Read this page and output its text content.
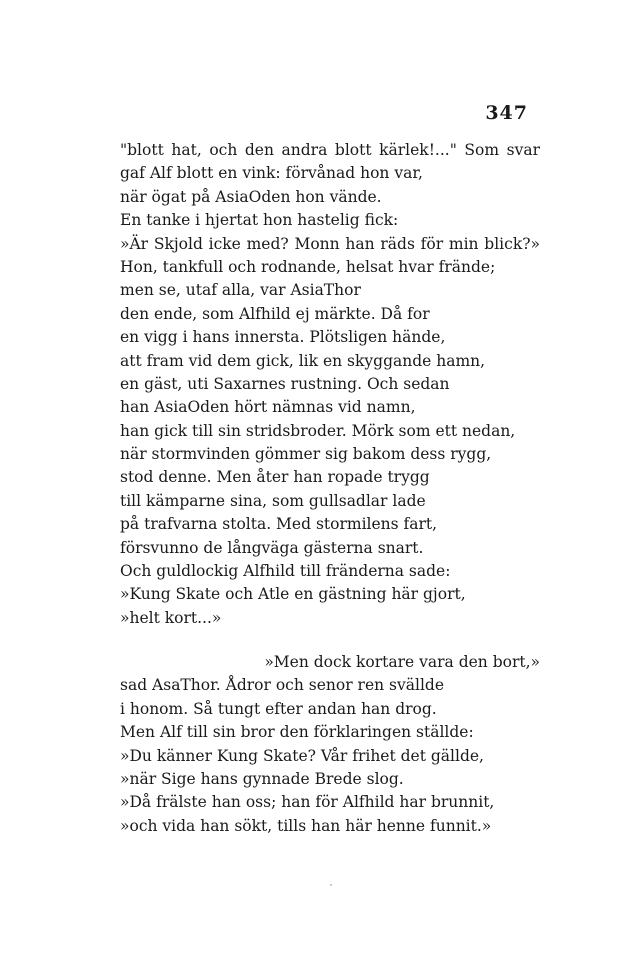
347
"blott hat, och den andra blott kärlek!..." Som svar
gaf Alf blott en vink: förvånad hon var,
när ögat på AsiaOden hon vände.
En tanke i hjertat hon hastelig fick:
»Är Skjold icke med? Monn han räds för min blick?»
Hon, tankfull och rodnande, helsat hvar frände;
men se, utaf alla, var AsiaThor
den ende, som Alfhild ej märkte. Då for
en vigg i hans innersta. Plötsligen hände,
att fram vid dem gick, lik en skyggande hamn,
en gäst, uti Saxarnes rustning. Och sedan
han AsiaOden hört nämnas vid namn,
han gick till sin stridsbroder. Mörk som ett nedan,
när stormvinden gömmer sig bakom dess rygg,
stod denne. Men åter han ropade trygg
till kämparne sina, som gullsadlar lade
på trafvarna stolta. Med stormilens fart,
försvunno de långväga gästerna snart.
Och guldlockig Alfhild till fränderna sade:
»Kung Skate och Atle en gästning här gjort,
»helt kort...»
»Men dock kortare vara den bort,»
sad AsaThor. Ådror och senor ren svällde
i honom. Så tungt efter andan han drog.
Men Alf till sin bror den förklaringen ställde:
»Du känner Kung Skate? Vår frihet det gällde,
»när Sige hans gynnade Brede slog.
»Då frälste han oss; han för Alfhild har brunnit,
»och vida han sökt, tills han här henne funnit.»
